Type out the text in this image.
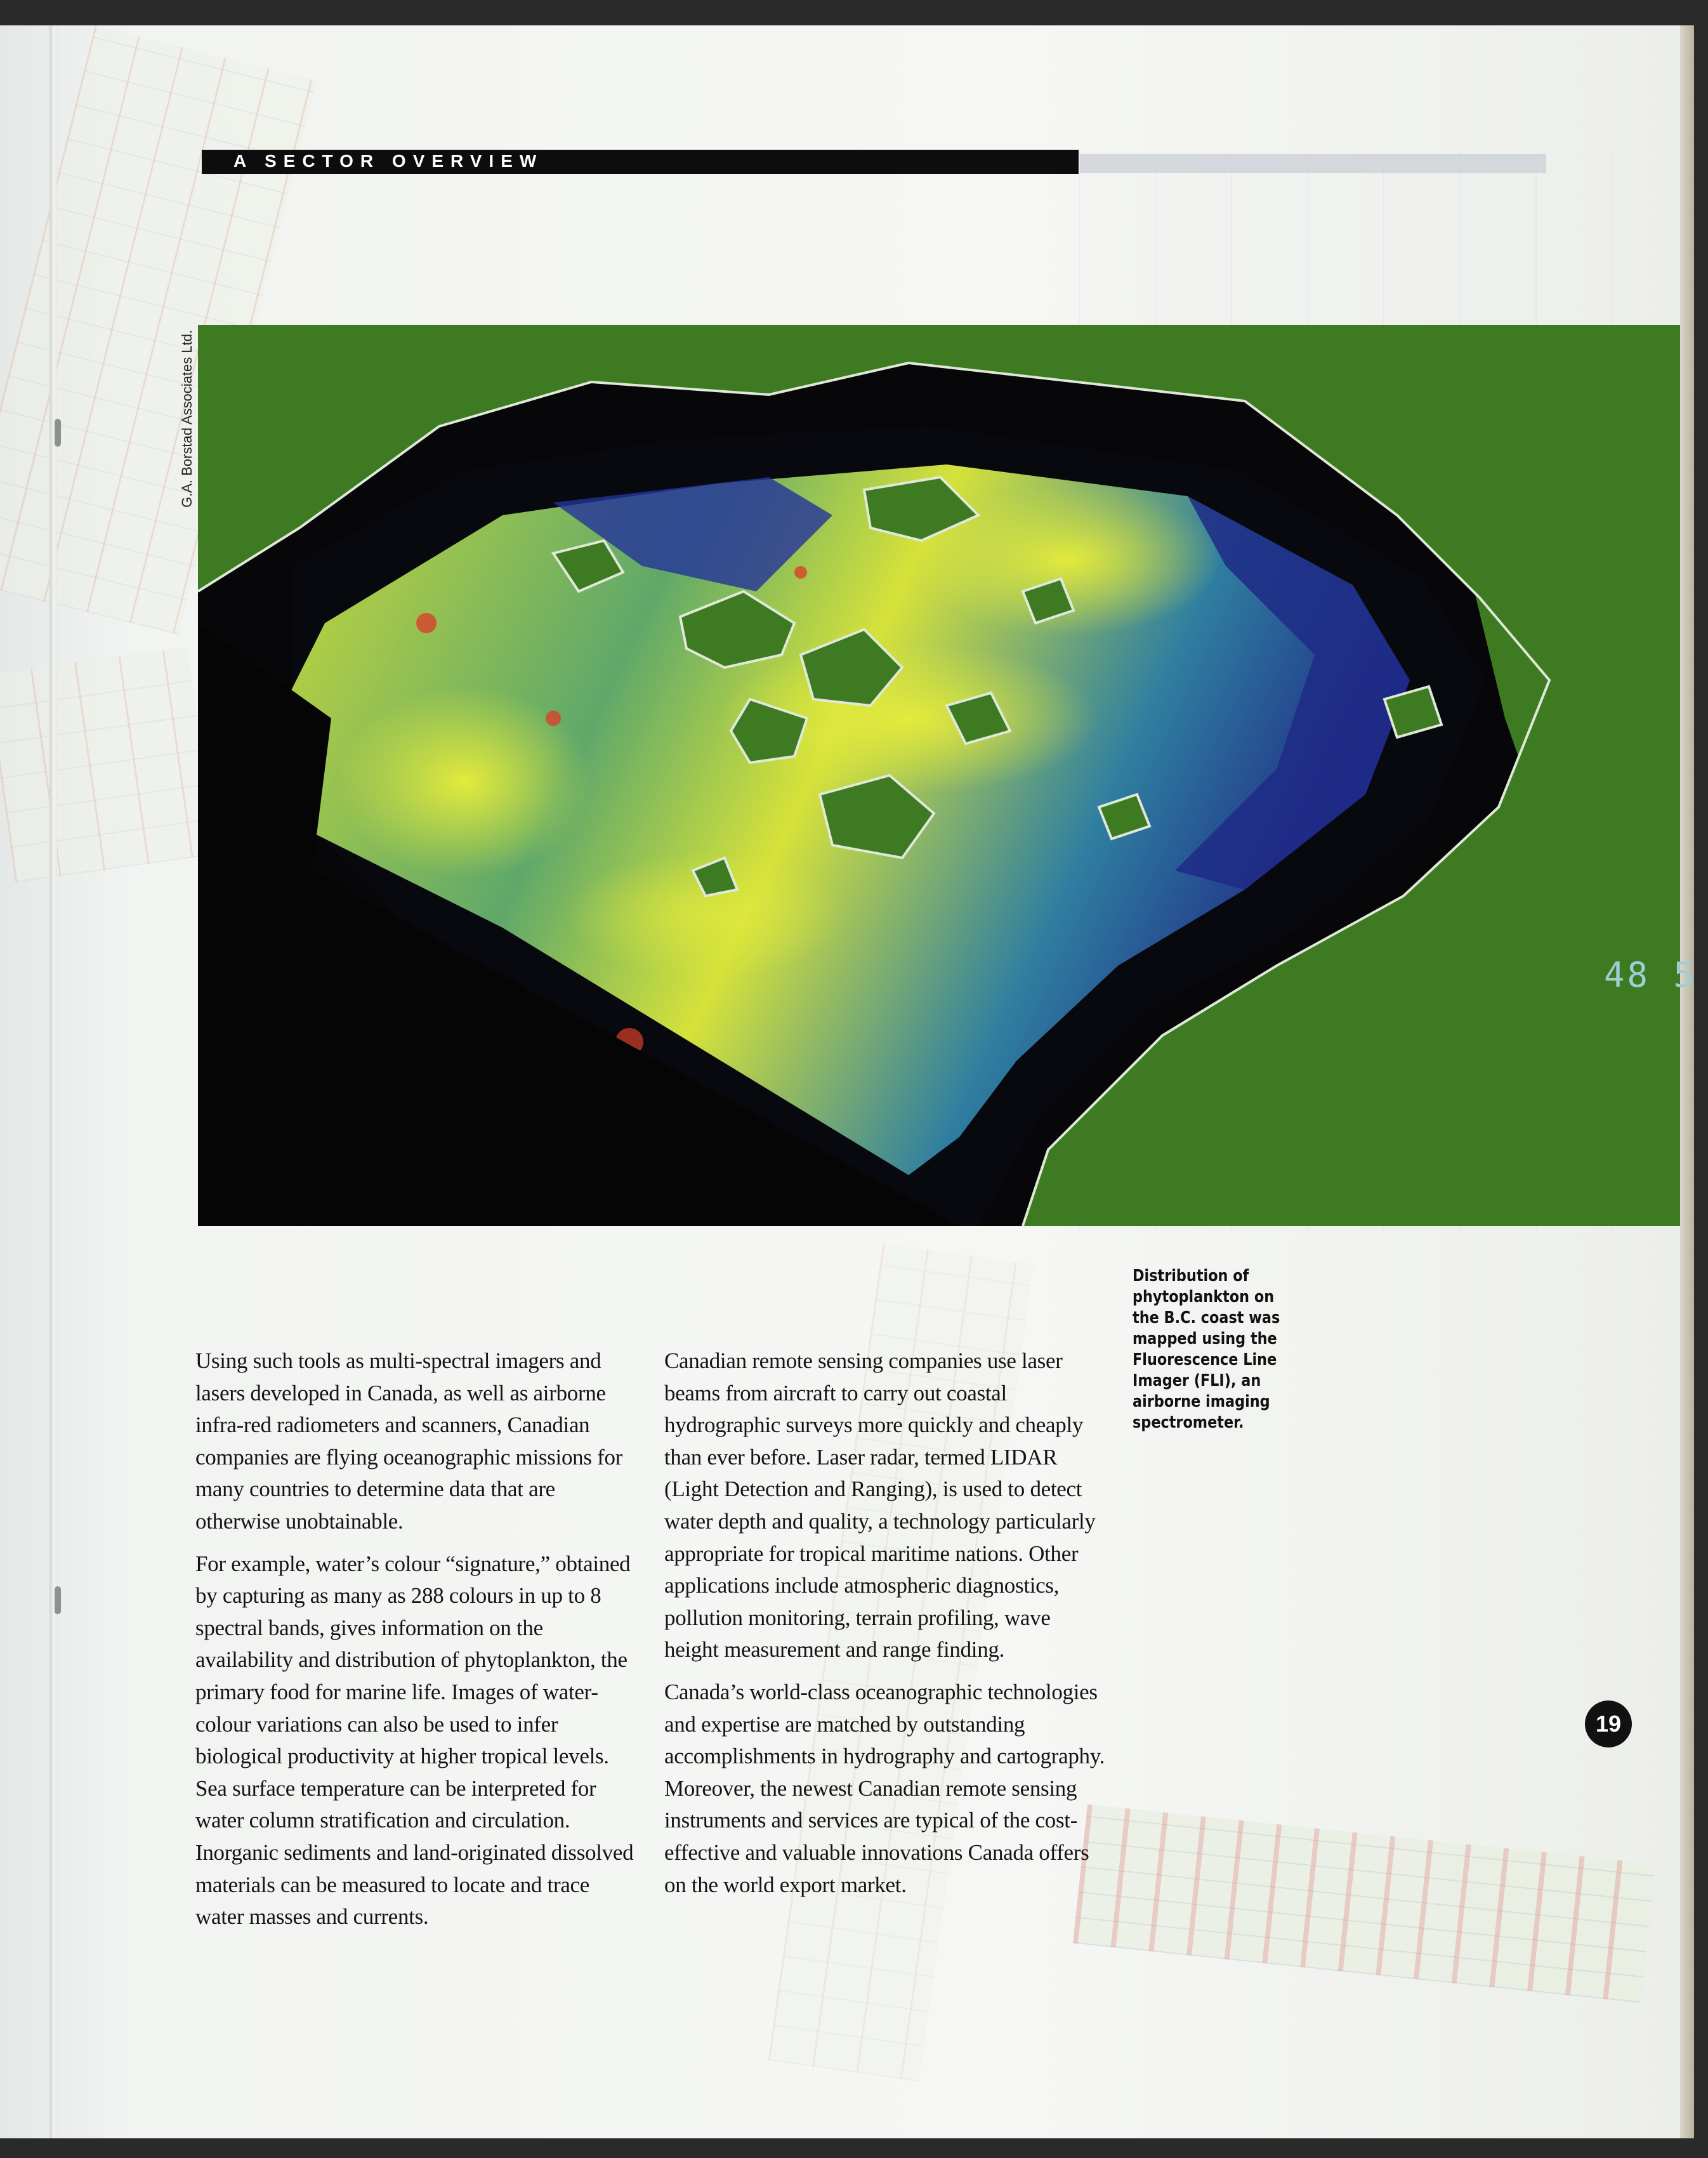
A SECTOR OVERVIEW
G.A. Borstad Associates Ltd.
48 5
Distribution of phytoplankton on the B.C. coast was mapped using the Fluorescence Line Imager (FLI), an airborne imaging spectrometer.

Using such tools as multi-spectral imagers and lasers developed in Canada, as well as airborne infra-red radiometers and scanners, Canadian companies are flying oceanographic missions for many countries to determine data that are otherwise unobtainable.

For example, water’s colour “signature,” obtained by capturing as many as 288 colours in up to 8 spectral bands, gives information on the availability and distribution of phytoplankton, the primary food for marine life. Images of water-colour variations can also be used to infer biological productivity at higher tropical levels. Sea surface temperature can be interpreted for water column stratification and circulation. Inorganic sediments and land-originated dissolved materials can be measured to locate and trace water masses and currents.

Canadian remote sensing companies use laser beams from aircraft to carry out coastal hydrographic surveys more quickly and cheaply than ever before. Laser radar, termed LIDAR (Light Detection and Ranging), is used to detect water depth and quality, a technology particularly appropriate for tropical maritime nations. Other applications include atmospheric diagnostics, pollution monitoring, terrain profiling, wave height measurement and range finding.

Canada’s world-class oceanographic technologies and expertise are matched by outstanding accomplishments in hydrography and cartography. Moreover, the newest Canadian remote sensing instruments and services are typical of the cost-effective and valuable innovations Canada offers on the world export market.

19
